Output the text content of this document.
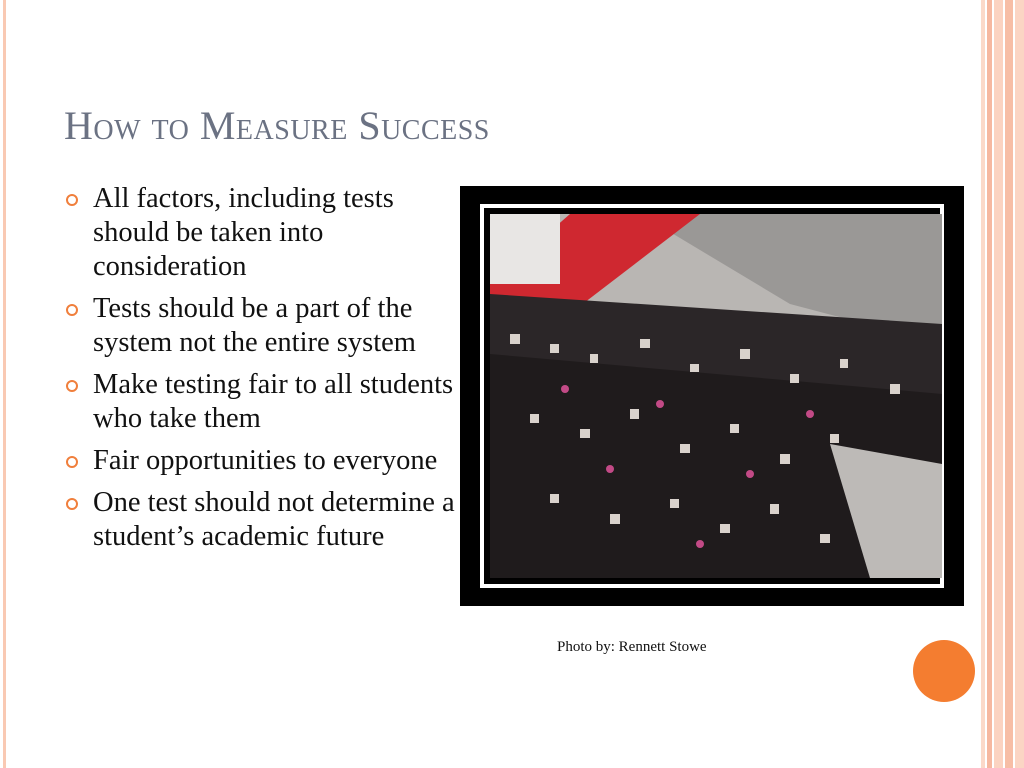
How to Measure Success
All factors, including tests should be taken into consideration
Tests should be a part of the system not the entire system
Make testing fair to all students who take them
Fair opportunities to everyone
One test should not determine a student’s academic future

Photo by: Rennett Stowe
